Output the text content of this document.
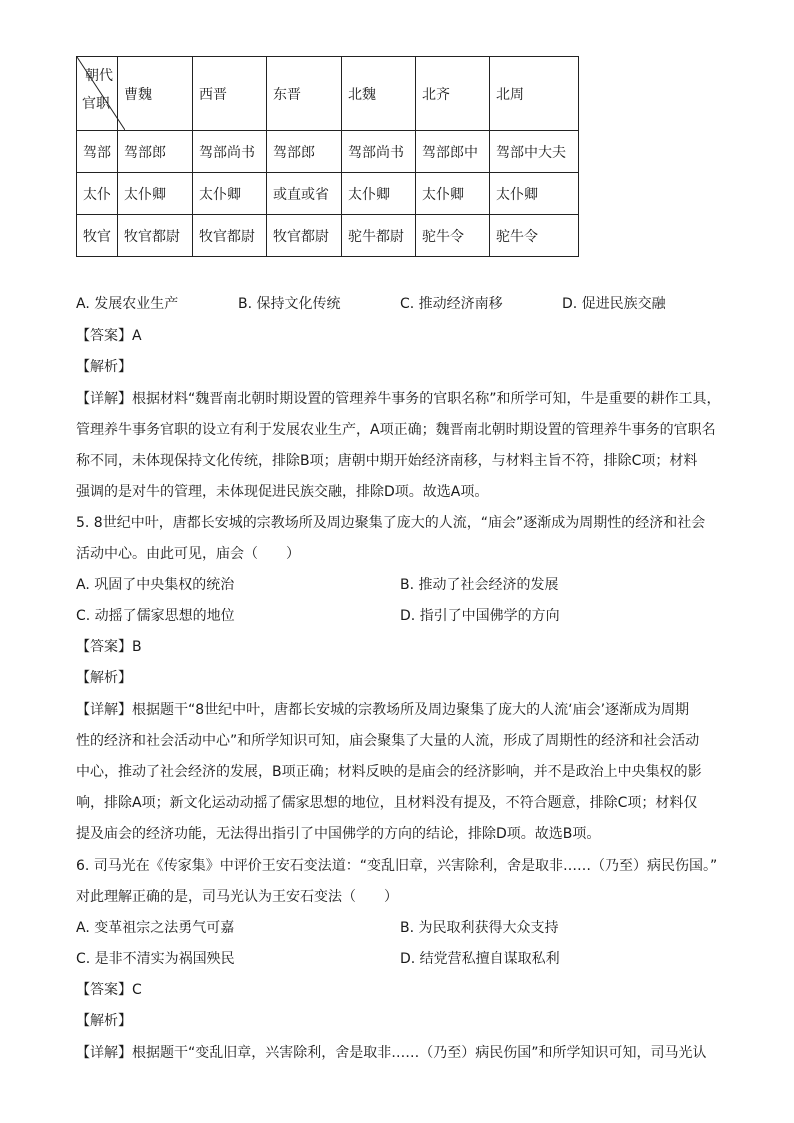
朝代
官职	曹魏	西晋	东晋	北魏	北齐	北周
驾部	驾部郎	驾部尚书	驾部郎	驾部尚书	驾部郎中	驾部中大夫
太仆	太仆卿	太仆卿	或直或省	太仆卿	太仆卿	太仆卿
牧官	牧官都尉	牧官都尉	牧官都尉	驼牛都尉	驼牛令	驼牛令
A. 发展农业生产	B. 保持文化传统	C. 推动经济南移	D. 促进民族交融
【答案】A
【解析】
【详解】根据材料“魏晋南北朝时期设置的管理养牛事务的官职名称”和所学可知，牛是重要的耕作工具，
管理养牛事务官职的设立有利于发展农业生产，A项正确；魏晋南北朝时期设置的管理养牛事务的官职名
称不同，未体现保持文化传统，排除B项；唐朝中期开始经济南移，与材料主旨不符，排除C项；材料
强调的是对牛的管理，未体现促进民族交融，排除D项。故选A项。
5. 8世纪中叶，唐都长安城的宗教场所及周边聚集了庞大的人流，“庙会”逐渐成为周期性的经济和社会
活动中心。由此可见，庙会（　　）
A. 巩固了中央集权的统治	B. 推动了社会经济的发展
C. 动摇了儒家思想的地位	D. 指引了中国佛学的方向
【答案】B
【解析】
【详解】根据题干“8世纪中叶，唐都长安城的宗教场所及周边聚集了庞大的人流‘庙会’逐渐成为周期
性的经济和社会活动中心”和所学知识可知，庙会聚集了大量的人流，形成了周期性的经济和社会活动
中心，推动了社会经济的发展，B项正确；材料反映的是庙会的经济影响，并不是政治上中央集权的影
响，排除A项；新文化运动动摇了儒家思想的地位，且材料没有提及，不符合题意，排除C项；材料仅
提及庙会的经济功能，无法得出指引了中国佛学的方向的结论，排除D项。故选B项。
6. 司马光在《传家集》中评价王安石变法道：“变乱旧章，兴害除利，舍是取非……（乃至）病民伤国。”
对此理解正确的是，司马光认为王安石变法（　　）
A. 变革祖宗之法勇气可嘉	B. 为民取利获得大众支持
C. 是非不清实为祸国殃民	D. 结党营私擅自谋取私利
【答案】C
【解析】
【详解】根据题干“变乱旧章，兴害除利，舍是取非……（乃至）病民伤国”和所学知识可知，司马光认
